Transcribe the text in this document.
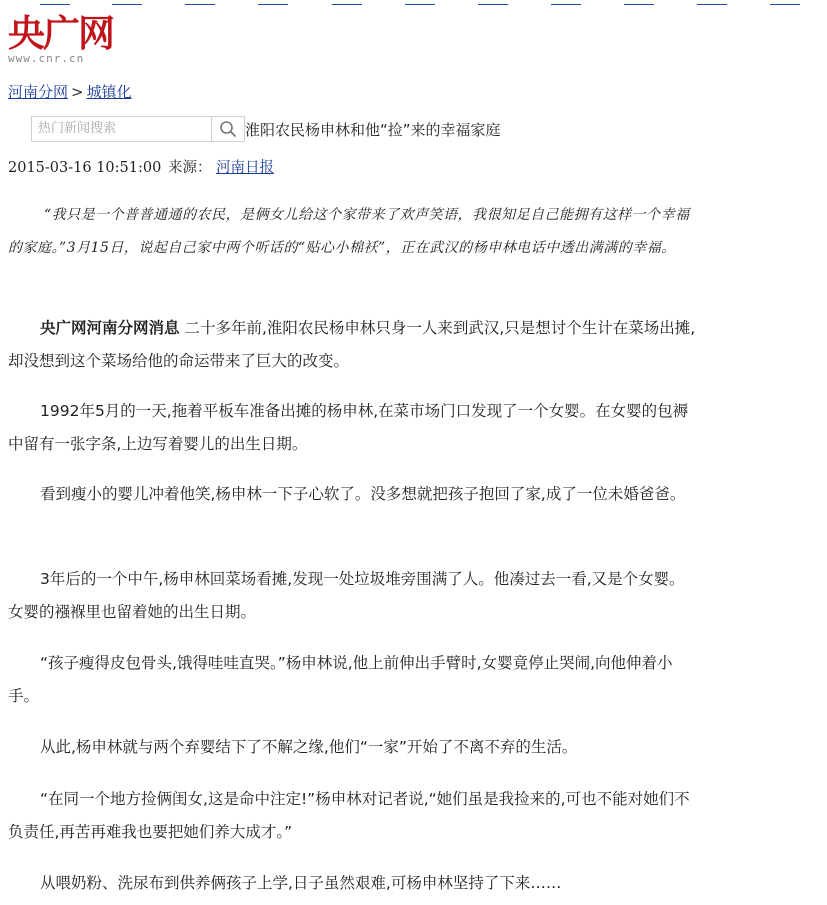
央广网
www.cnr.cn
河南分网 > 城镇化
热门新闻搜索
淮阳农民杨申林和他“捡”来的幸福家庭
2015-03-16 10:51:00 来源： 河南日报

“我只是一个普普通通的农民，是俩女儿给这个家带来了欢声笑语，我很知足自己能拥有这样一个幸福的家庭。”3月15日，说起自己家中两个听话的“贴心小棉袄”，正在武汉的杨申林电话中透出满满的幸福。

央广网河南分网消息 二十多年前,淮阳农民杨申林只身一人来到武汉,只是想讨个生计在菜场出摊,却没想到这个菜场给他的命运带来了巨大的改变。

1992年5月的一天,拖着平板车准备出摊的杨申林,在菜市场门口发现了一个女婴。在女婴的包褥中留有一张字条,上边写着婴儿的出生日期。

看到瘦小的婴儿冲着他笑,杨申林一下子心软了。没多想就把孩子抱回了家,成了一位未婚爸爸。

3年后的一个中午,杨申林回菜场看摊,发现一处垃圾堆旁围满了人。他凑过去一看,又是个女婴。女婴的襁褓里也留着她的出生日期。

“孩子瘦得皮包骨头,饿得哇哇直哭。”杨申林说,他上前伸出手臂时,女婴竟停止哭闹,向他伸着小手。

从此,杨申林就与两个弃婴结下了不解之缘,他们“一家”开始了不离不弃的生活。

“在同一个地方捡俩闺女,这是命中注定!”杨申林对记者说,“她们虽是我捡来的,可也不能对她们不负责任,再苦再难我也要把她们养大成才。”

从喂奶粉、洗尿布到供养俩孩子上学,日子虽然艰难,可杨申林坚持了下来……
